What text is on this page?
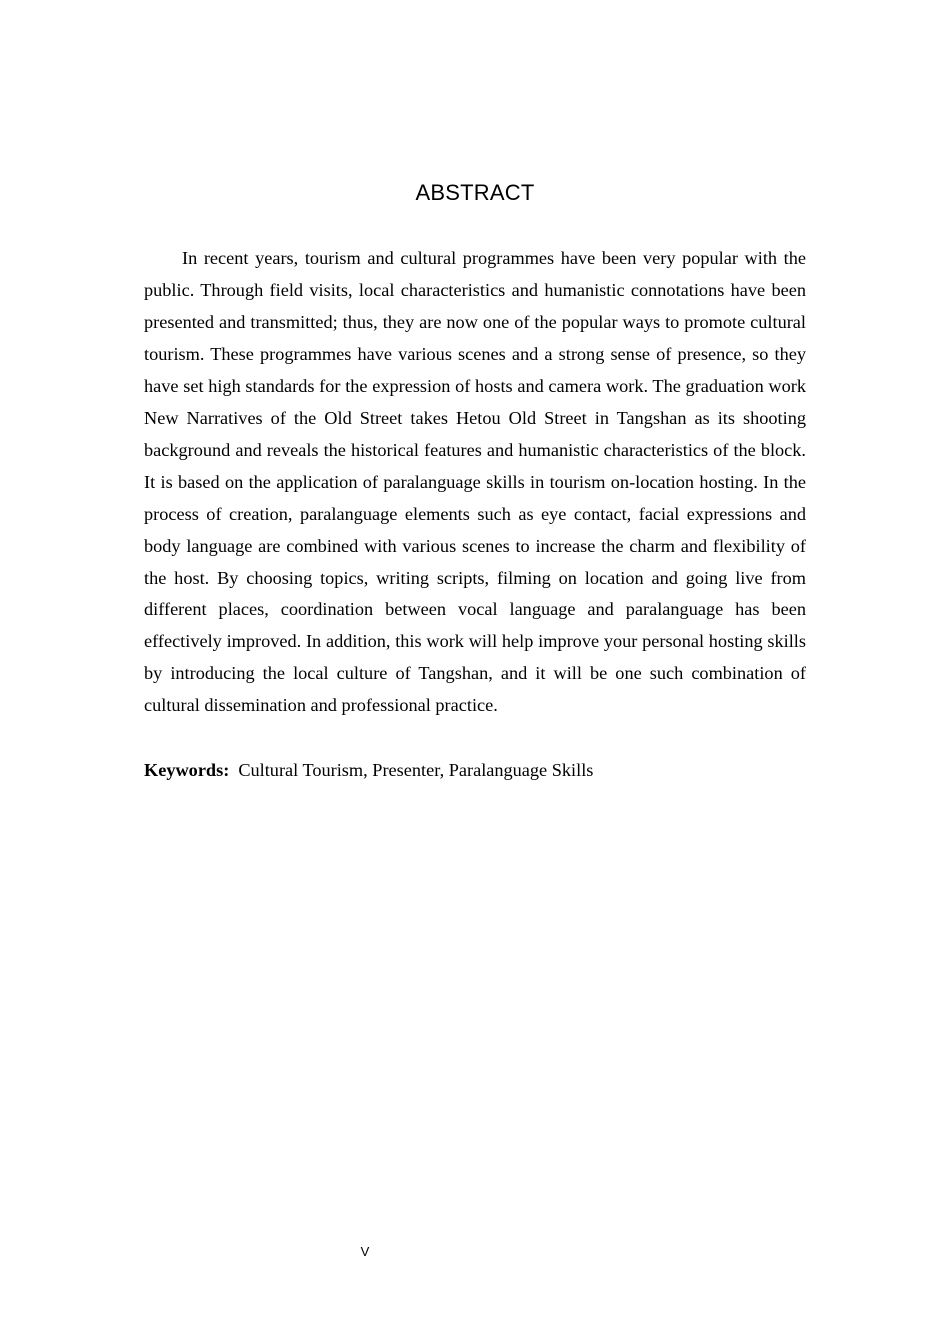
ABSTRACT

In recent years, tourism and cultural programmes have been very popular with the public. Through field visits, local characteristics and humanistic connotations have been presented and transmitted; thus, they are now one of the popular ways to promote cultural tourism. These programmes have various scenes and a strong sense of presence, so they have set high standards for the expression of hosts and camera work. The graduation work New Narratives of the Old Street takes Hetou Old Street in Tangshan as its shooting background and reveals the historical features and humanistic characteristics of the block. It is based on the application of paralanguage skills in tourism on-location hosting. In the process of creation, paralanguage elements such as eye contact, facial expressions and body language are combined with various scenes to increase the charm and flexibility of the host. By choosing topics, writing scripts, filming on location and going live from different places, coordination between vocal language and paralanguage has been effectively improved. In addition, this work will help improve your personal hosting skills by introducing the local culture of Tangshan, and it will be one such combination of cultural dissemination and professional practice.

Keywords: Cultural Tourism, Presenter, Paralanguage Skills

V
